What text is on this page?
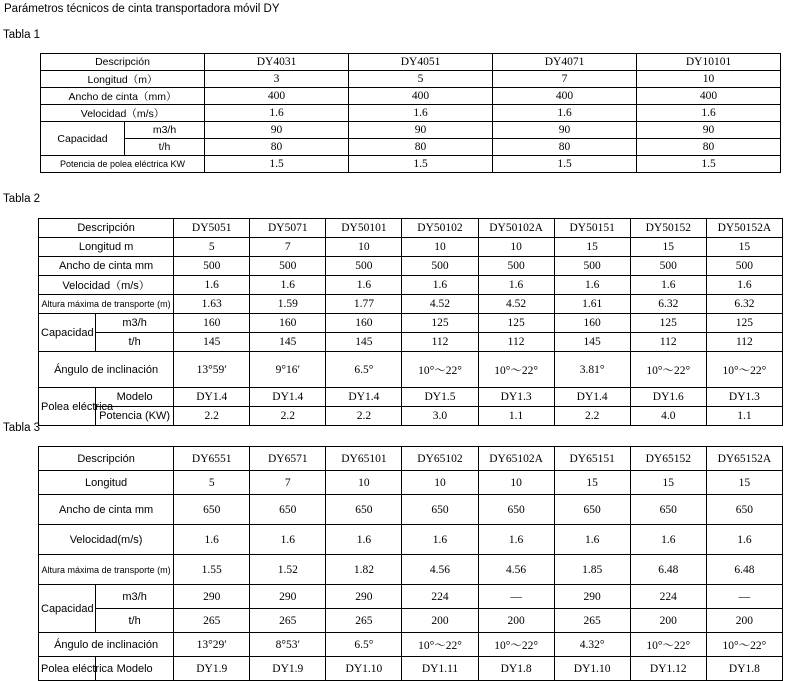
Parámetros técnicos de cinta transportadora móvil DY
Tabla 1
Descripción		DY4031	DY4051	DY4071	DY10101
Longitud（m）		3	5	7	10
Ancho de cinta（mm）		400	400	400	400
Velocidad（m/s）		1.6	1.6	1.6	1.6
Capacidad	m3/h	90	90	90	90
	t/h	80	80	80	80
Potencia de polea eléctrica KW		1.5	1.5	1.5	1.5
Tabla 2
Descripción		DY5051	DY5071	DY50101	DY50102	DY50102A	DY50151	DY50152	DY50152A
Longitud m		5	7	10	10	10	15	15	15
Ancho de cinta mm		500	500	500	500	500	500	500	500
Velocidad（m/s）		1.6	1.6	1.6	1.6	1.6	1.6	1.6	1.6
Altura máxima de transporte (m)		1.63	1.59	1.77	4.52	4.52	1.61	6.32	6.32
Capacidad	m3/h	160	160	160	125	125	160	125	125
	t/h	145	145	145	112	112	145	112	112
Ángulo de inclinación		13°59′	9°16′	6.5°	10°～22°	10°～22°	3.81°	10°～22°	10°～22°
Polea eléctrica	Modelo	DY1.4	DY1.4	DY1.4	DY1.5	DY1.3	DY1.4	DY1.6	DY1.3
	Potencia (KW)	2.2	2.2	2.2	3.0	1.1	2.2	4.0	1.1
Tabla 3
Descripción		DY6551	DY6571	DY65101	DY65102	DY65102A	DY65151	DY65152	DY65152A
Longitud		5	7	10	10	10	15	15	15
Ancho de cinta mm		650	650	650	650	650	650	650	650
Velocidad(m/s)		1.6	1.6	1.6	1.6	1.6	1.6	1.6	1.6
Altura máxima de transporte (m)		1.55	1.52	1.82	4.56	4.56	1.85	6.48	6.48
Capacidad	m3/h	290	290	290	224	—	290	224	—
	t/h	265	265	265	200	200	265	200	200
Ángulo de inclinación		13°29′	8°53′	6.5°	10°～22°	10°～22°	4.32°	10°～22°	10°～22°
Polea eléctrica	Modelo	DY1.9	DY1.9	DY1.10	DY1.11	DY1.8	DY1.10	DY1.12	DY1.8
